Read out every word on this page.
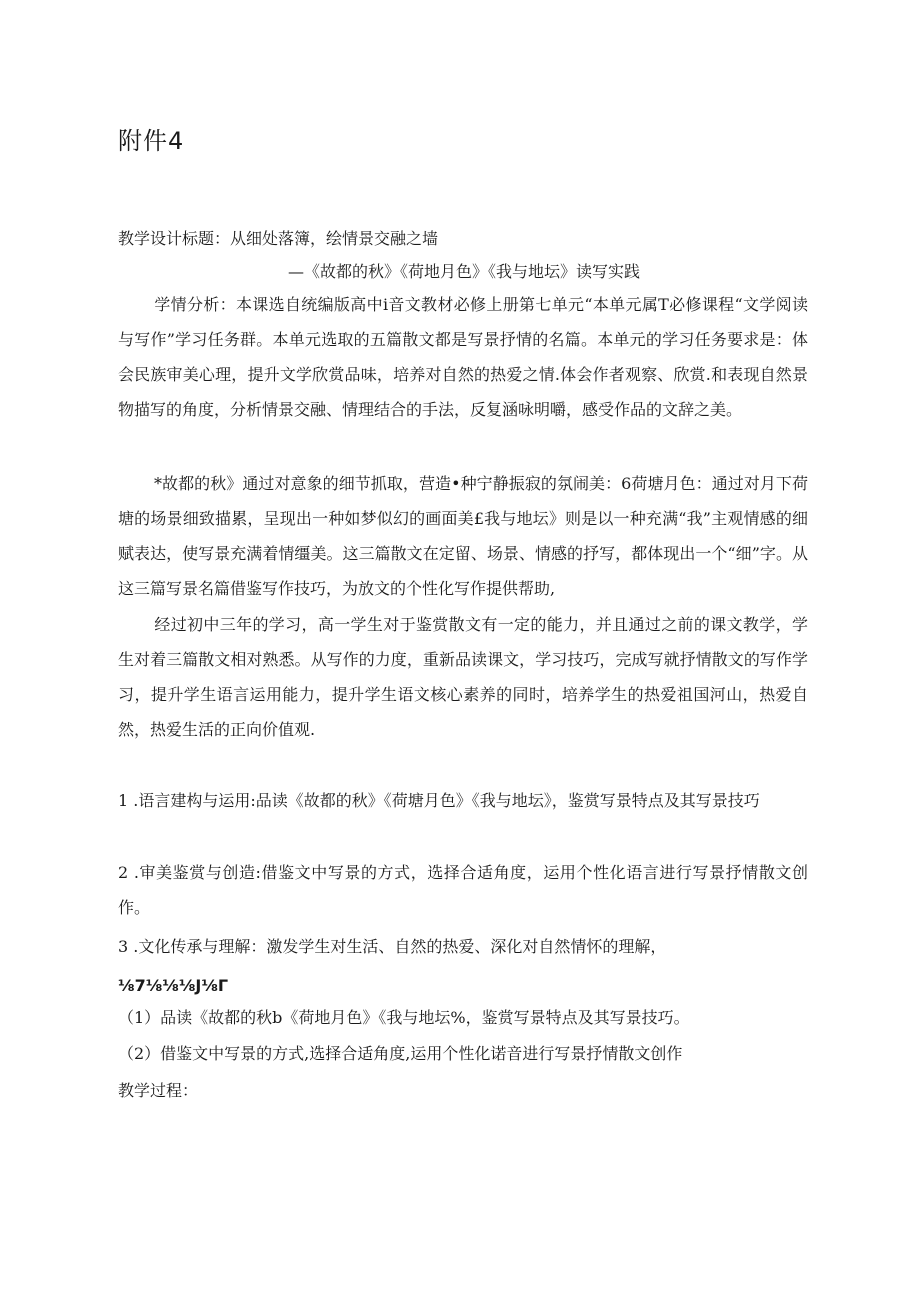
附件4
教学设计标题：从细处落簿，绘情景交融之墙
—《故都的秋》《荷地月色》《我与地坛》读写实践
学情分析：本课选自统编版高中i音文教材必修上册第七单元“本单元属T必修课程“文学阅读与写作”学习任务群。本单元选取的五篇散文都是写景抒情的名篇。本单元的学习任务要求是：体会民族审美心理，提升文学欣赏品味，培养对自然的热爱之情.体会作者观察、欣赏.和表现自然景物描写的角度，分析情景交融、情理结合的手法，反复涵咏明嚼，感受作品的文辞之美。
*故都的秋》通过对意象的细节抓取，营造•种宁静振寂的氛闹美：6荷塘月色：通过对月下荷塘的场景细致描累，呈现出一种如梦似幻的画面美£我与地坛》则是以一种充满“我”主观情感的细赋表达，使写景充满着情缰美。这三篇散文在定留、场景、情感的抒写，都体现出一个“细”字。从这三篇写景名篇借鉴写作技巧，为放文的个性化写作提供帮助,
经过初中三年的学习，高一学生对于鉴赏散文有一定的能力，并且通过之前的课文教学，学生对着三篇散文相对熟悉。从写作的力度，重新品读课文，学习技巧，完成写就抒情散文的写作学习，提升学生语言运用能力，提升学生语文核心素养的同时，培养学生的热爱祖国河山，热爱自然，热爱生活的正向价值观.
1 .语言建构与运用:品读《故都的秋》《荷塘月色》《我与地坛》，鉴赏写景特点及其写景技巧
2 .审美鉴赏与创造:借鉴文中写景的方式，选择合适角度，运用个性化语言进行写景抒情散文创作。
3 .文化传承与理解：激发学生对生活、自然的热爱、深化对自然情怀的理解，
⅛7⅛⅛⅛J⅛Γ
（1）品读《故都的秋b《荷地月色》《我与地坛%，鉴赏写景特点及其写景技巧。
（2）借鉴文中写景的方式,选择合适角度,运用个性化诺音进行写景抒情散文创作
教学过程：
